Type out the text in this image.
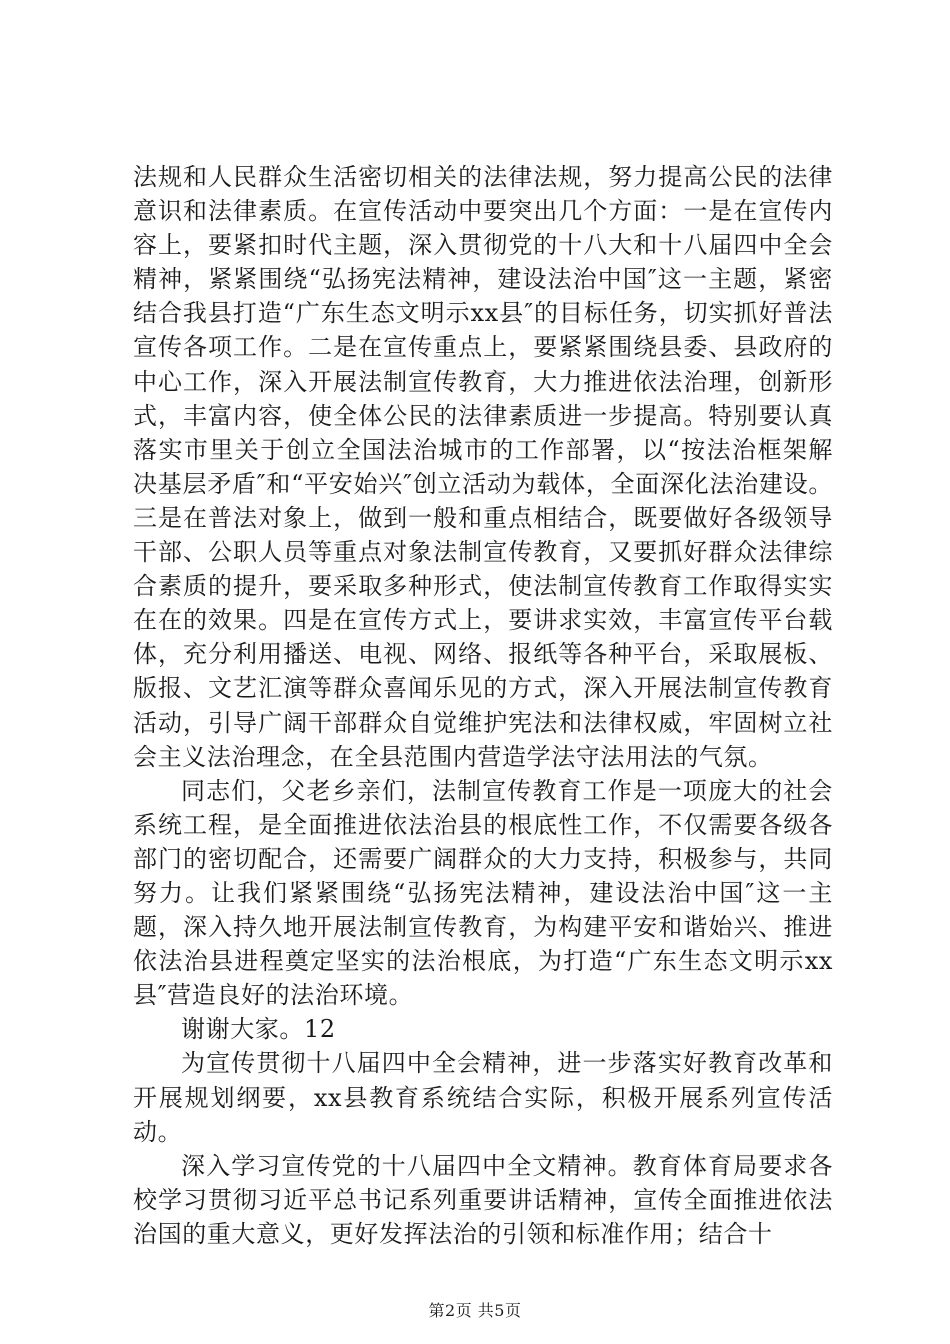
法规和人民群众生活密切相关的法律法规，努力提高公民的法律意识和法律素质。在宣传活动中要突出几个方面：一是在宣传内容上，要紧扣时代主题，深入贯彻党的十八大和十八届四中全会精神，紧紧围绕“弘扬宪法精神，建设法治中国″这一主题，紧密结合我县打造“广东生态文明示xx县″的目标任务，切实抓好普法宣传各项工作。二是在宣传重点上，要紧紧围绕县委、县政府的中心工作，深入开展法制宣传教育，大力推进依法治理，创新形式，丰富内容，使全体公民的法律素质进一步提高。特别要认真落实市里关于创立全国法治城市的工作部署，以“按法治框架解决基层矛盾″和“平安始兴″创立活动为载体，全面深化法治建设。三是在普法对象上，做到一般和重点相结合，既要做好各级领导干部、公职人员等重点对象法制宣传教育，又要抓好群众法律综合素质的提升，要采取多种形式，使法制宣传教育工作取得实实在在的效果。四是在宣传方式上，要讲求实效，丰富宣传平台载体，充分利用播送、电视、网络、报纸等各种平台，采取展板、版报、文艺汇演等群众喜闻乐见的方式，深入开展法制宣传教育活动，引导广阔干部群众自觉维护宪法和法律权威，牢固树立社会主义法治理念，在全县范围内营造学法守法用法的气氛。

同志们，父老乡亲们，法制宣传教育工作是一项庞大的社会系统工程，是全面推进依法治县的根底性工作，不仅需要各级各部门的密切配合，还需要广阔群众的大力支持，积极参与，共同努力。让我们紧紧围绕“弘扬宪法精神，建设法治中国″这一主题，深入持久地开展法制宣传教育，为构建平安和谐始兴、推进依法治县进程奠定坚实的法治根底，为打造“广东生态文明示xx县″营造良好的法治环境。

谢谢大家。12

为宣传贯彻十八届四中全会精神，进一步落实好教育改革和开展规划纲要，xx县教育系统结合实际，积极开展系列宣传活动。

深入学习宣传党的十八届四中全文精神。教育体育局要求各校学习贯彻习近平总书记系列重要讲话精神，宣传全面推进依法治国的重大意义，更好发挥法治的引领和标准作用；结合十

第2页 共5页
